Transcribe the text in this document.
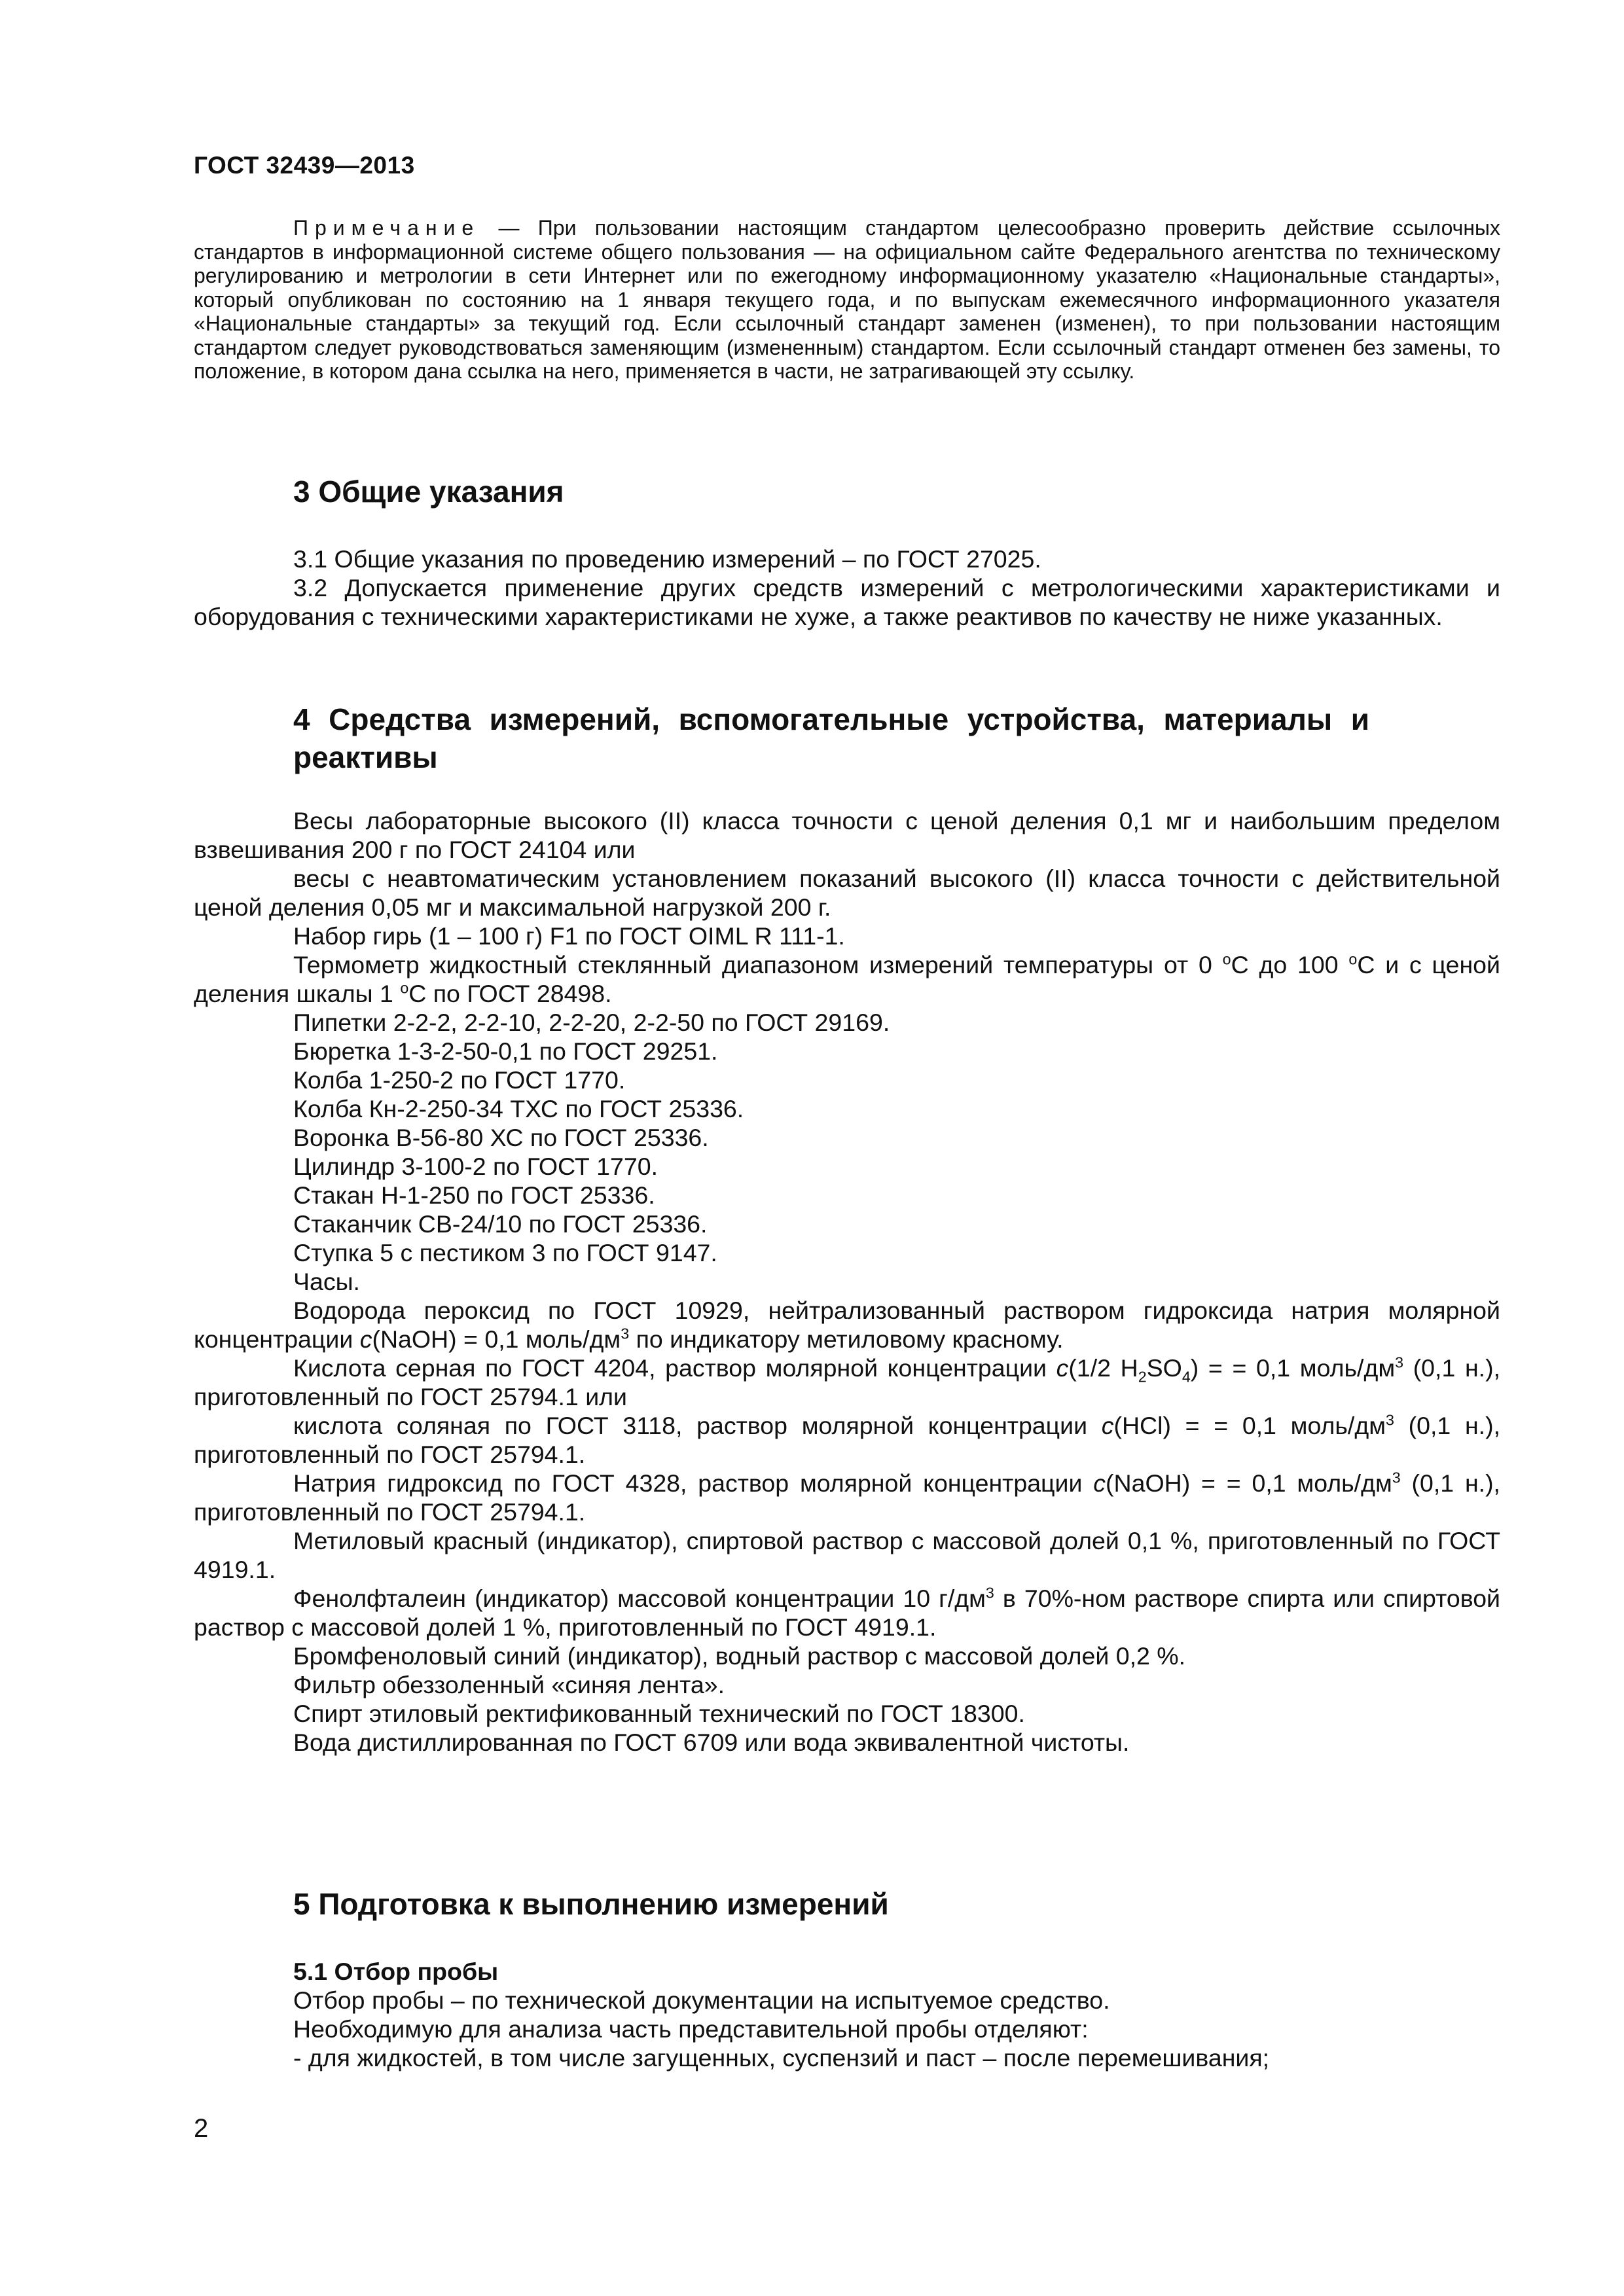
ГОСТ 32439—2013
Примечание — При пользовании настоящим стандартом целесообразно проверить действие ссылочных стандартов в информационной системе общего пользования — на официальном сайте Федерального агентства по техническому регулированию и метрологии в сети Интернет или по ежегодному информационному указателю «Национальные стандарты», который опубликован по состоянию на 1 января текущего года, и по выпускам ежемесячного информационного указателя «Национальные стандарты» за текущий год. Если ссылочный стандарт заменен (изменен), то при пользовании настоящим стандартом следует руководствоваться заменяющим (измененным) стандартом. Если ссылочный стандарт отменен без замены, то положение, в котором дана ссылка на него, применяется в части, не затрагивающей эту ссылку.
3 Общие указания

3.1 Общие указания по проведению измерений – по ГОСТ 27025.

3.2 Допускается применение других средств измерений с метрологическими характеристиками и оборудования с техническими характеристиками не хуже, а также реактивов по качеству не ниже указанных.

4 Средства измерений, вспомогательные устройства, материалы и реактивы

Весы лабораторные высокого (II) класса точности с ценой деления 0,1 мг и наибольшим пределом взвешивания 200 г по ГОСТ 24104 или

весы с неавтоматическим установлением показаний высокого (II) класса точности с действительной ценой деления 0,05 мг и максимальной нагрузкой 200 г.

Набор гирь (1 – 100 г) F1 по ГОСТ OIML R 111-1.

Термометр жидкостный стеклянный диапазоном измерений температуры от 0 $^о$С до 100 $^о$С и с ценой деления шкалы 1 $^о$С по ГОСТ 28498.

Пипетки 2-2-2, 2-2-10, 2-2-20, 2-2-50 по ГОСТ 29169.

Бюретка 1-3-2-50-0,1 по ГОСТ 29251.

Колба 1-250-2 по ГОСТ 1770.

Колба Кн-2-250-34 ТХС по ГОСТ 25336.

Воронка В-56-80 ХС по ГОСТ 25336.

Цилиндр 3-100-2 по ГОСТ 1770.

Стакан Н-1-250 по ГОСТ 25336.

Стаканчик СВ-24/10 по ГОСТ 25336.

Ступка 5 с пестиком 3 по ГОСТ 9147.

Часы.

Водорода пероксид по ГОСТ 10929, нейтрализованный раствором гидроксида натрия молярной концентрации с(NaOH) = 0,1 моль/$дм^3$ по индикатору метиловому красному.

Кислота серная по ГОСТ 4204, раствор молярной концентрации с(1/2 $H_2SO_4$) = = 0,1 моль/$дм^3$ (0,1 н.), приготовленный по ГОСТ 25794.1 или

кислота соляная по ГОСТ 3118, раствор молярной концентрации с(HCl) = = 0,1 моль/$дм^3$ (0,1 н.), приготовленный по ГОСТ 25794.1.

Натрия гидроксид по ГОСТ 4328, раствор молярной концентрации с(NaOH) = = 0,1 моль/$дм^3$ (0,1 н.), приготовленный по ГОСТ 25794.1.

Метиловый красный (индикатор), спиртовой раствор с массовой долей 0,1 %, приготовленный по ГОСТ 4919.1.

Фенолфталеин (индикатор) массовой концентрации 10 $г/дм^3$ в 70%-ном растворе спирта или спиртовой раствор с массовой долей 1 %, приготовленный по ГОСТ 4919.1.

Бромфеноловый синий (индикатор), водный раствор с массовой долей 0,2 %.

Фильтр обеззоленный «синяя лента».

Спирт этиловый ректификованный технический по ГОСТ 18300.

Вода дистиллированная по ГОСТ 6709 или вода эквивалентной чистоты.

5 Подготовка к выполнению измерений

5.1 Отбор пробы

Отбор пробы – по технической документации на испытуемое средство.

Необходимую для анализа часть представительной пробы отделяют:

- для жидкостей, в том числе загущенных, суспензий и паст – после перемешивания;

2
